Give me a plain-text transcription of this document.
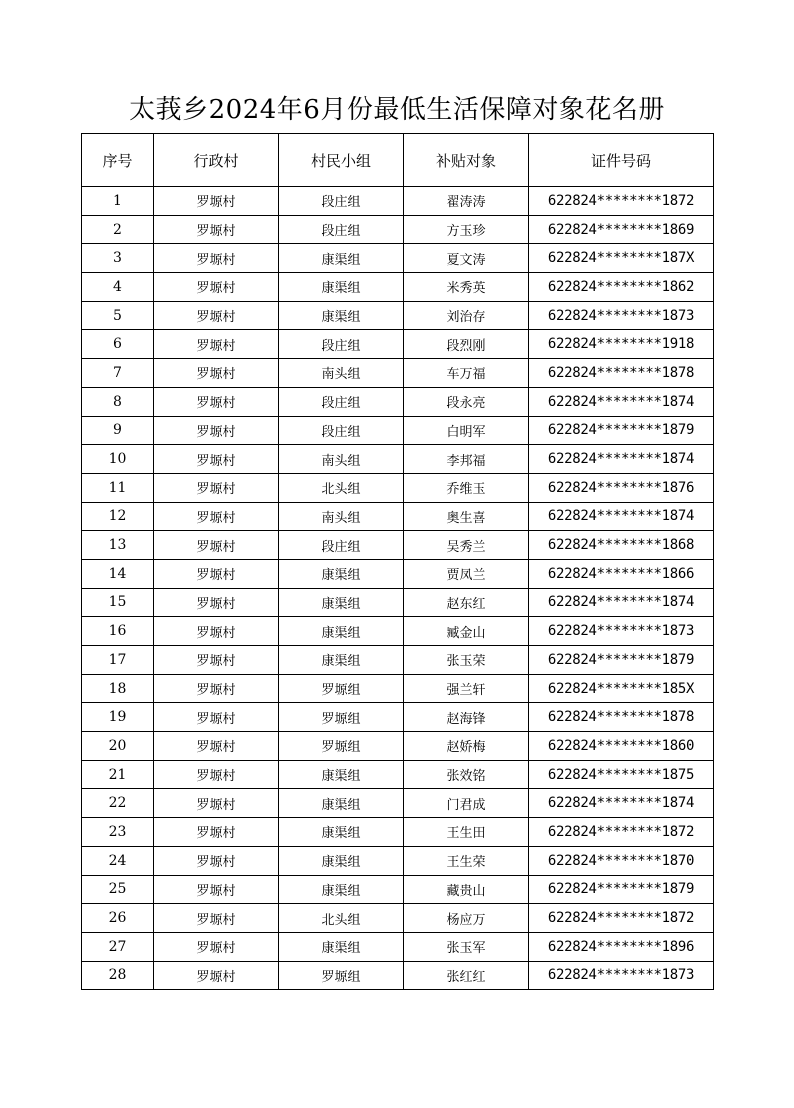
太莪乡2024年6月份最低生活保障对象花名册
序号	行政村	村民小组	补贴对象	证件号码
1	罗塬村	段庄组	翟涛涛	622824********1872
2	罗塬村	段庄组	方玉珍	622824********1869
3	罗塬村	康渠组	夏文涛	622824********187X
4	罗塬村	康渠组	米秀英	622824********1862
5	罗塬村	康渠组	刘治存	622824********1873
6	罗塬村	段庄组	段烈刚	622824********1918
7	罗塬村	南头组	车万福	622824********1878
8	罗塬村	段庄组	段永亮	622824********1874
9	罗塬村	段庄组	白明军	622824********1879
10	罗塬村	南头组	李邦福	622824********1874
11	罗塬村	北头组	乔维玉	622824********1876
12	罗塬村	南头组	奥生喜	622824********1874
13	罗塬村	段庄组	吴秀兰	622824********1868
14	罗塬村	康渠组	贾凤兰	622824********1866
15	罗塬村	康渠组	赵东红	622824********1874
16	罗塬村	康渠组	臧金山	622824********1873
17	罗塬村	康渠组	张玉荣	622824********1879
18	罗塬村	罗塬组	强兰轩	622824********185X
19	罗塬村	罗塬组	赵海锋	622824********1878
20	罗塬村	罗塬组	赵娇梅	622824********1860
21	罗塬村	康渠组	张效铭	622824********1875
22	罗塬村	康渠组	门君成	622824********1874
23	罗塬村	康渠组	王生田	622824********1872
24	罗塬村	康渠组	王生荣	622824********1870
25	罗塬村	康渠组	藏贵山	622824********1879
26	罗塬村	北头组	杨应万	622824********1872
27	罗塬村	康渠组	张玉军	622824********1896
28	罗塬村	罗塬组	张红红	622824********1873
